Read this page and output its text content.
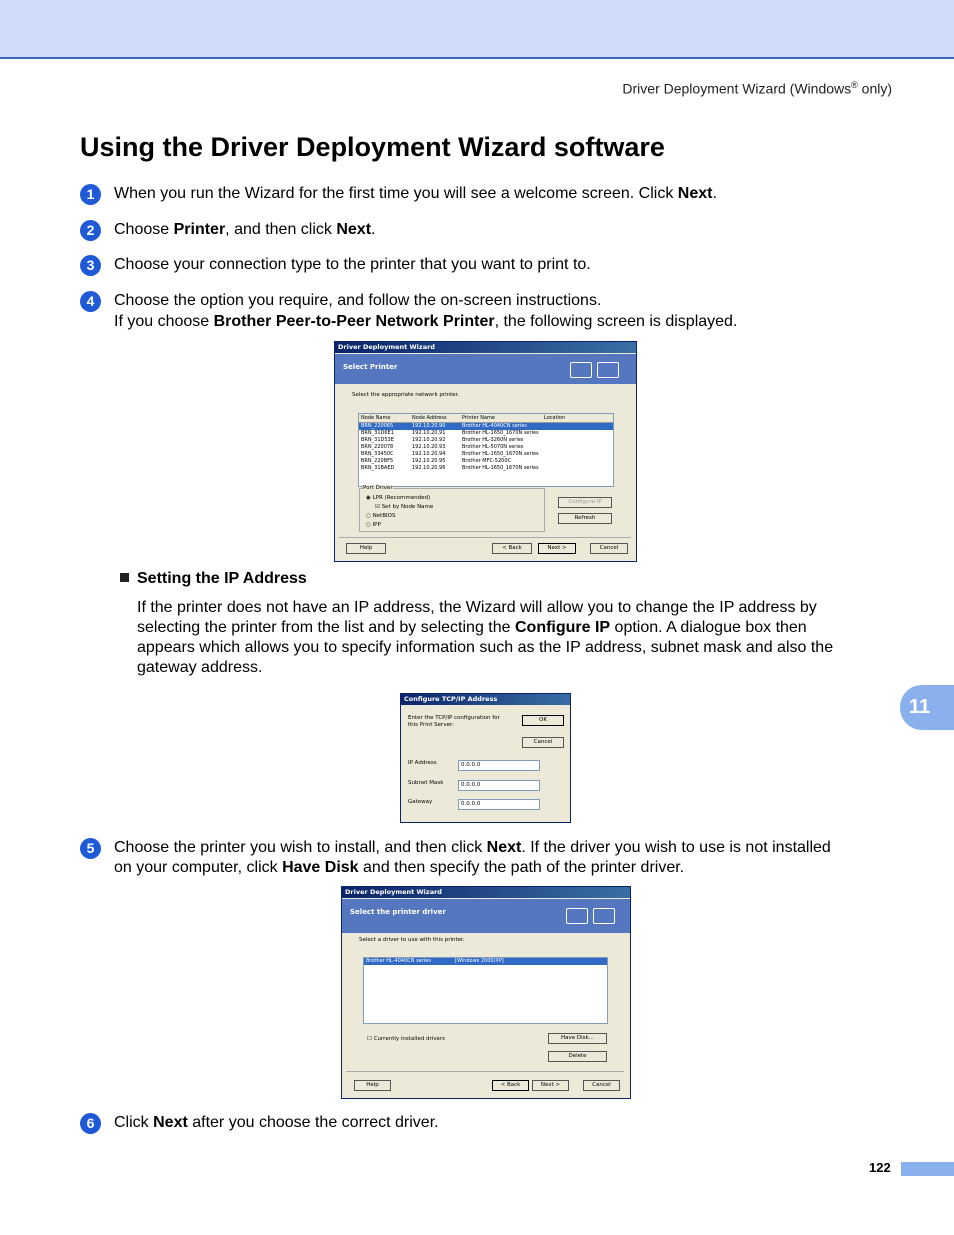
Driver Deployment Wizard (Windows® only)
Using the Driver Deployment Wizard software
1	When you run the Wizard for the first time you will see a welcome screen. Click Next.
2	Choose Printer, and then click Next.
3	Choose your connection type to the printer that you want to print to.
4	Choose the option you require, and follow the on-screen instructions.
If you choose Brother Peer-to-Peer Network Printer, the following screen is displayed.
Driver Deployment Wizard
Select Printer
Select the appropriate network printer.
Node Name	Node Address	Printer Name	Location
BRN_220065	192.10.20.90	Brother HL-4040CN series
BRN_31D6E1	192.10.20.91	Brother HL-1650_1670N series
BRN_31D53E	192.10.20.92	Brother HL-3260N series
BRN_220078	192.10.20.93	Brother HL-5070N series
BRN_33450C	192.10.20.94	Brother HL-1650_1670N series
BRN_220BF5	192.10.20.95	Brother MFC-5200C
BRN_31BAED	192.10.20.96	Brother HL-1650_1670N series
Port Driver
◉ LPR (Recommended)
☑ Set by Node Name
○ NetBIOS
○ IPP
Configure IP
Refresh
Help	< Back	Next >	Cancel
Setting the IP Address
If the printer does not have an IP address, the Wizard will allow you to change the IP address by
selecting the printer from the list and by selecting the Configure IP option. A dialogue box then
appears which allows you to specify information such as the IP address, subnet mask and also the
gateway address.
Configure TCP/IP Address
Enter the TCP/IP configuration for
this Print Server:
OK
Cancel
IP Address	0.0.0.0
Subnet Mask	0.0.0.0
Gateway	0.0.0.0
11
5	Choose the printer you wish to install, and then click Next. If the driver you wish to use is not installed
on your computer, click Have Disk and then specify the path of the printer driver.
Driver Deployment Wizard
Select the printer driver
Select a driver to use with this printer.
Brother HL-4040CN series	[Windows 2000/XP]
☐ Currently installed drivers	Have Disk...
Delete
Help	< Back	Next >	Cancel
6	Click Next after you choose the correct driver.
122
